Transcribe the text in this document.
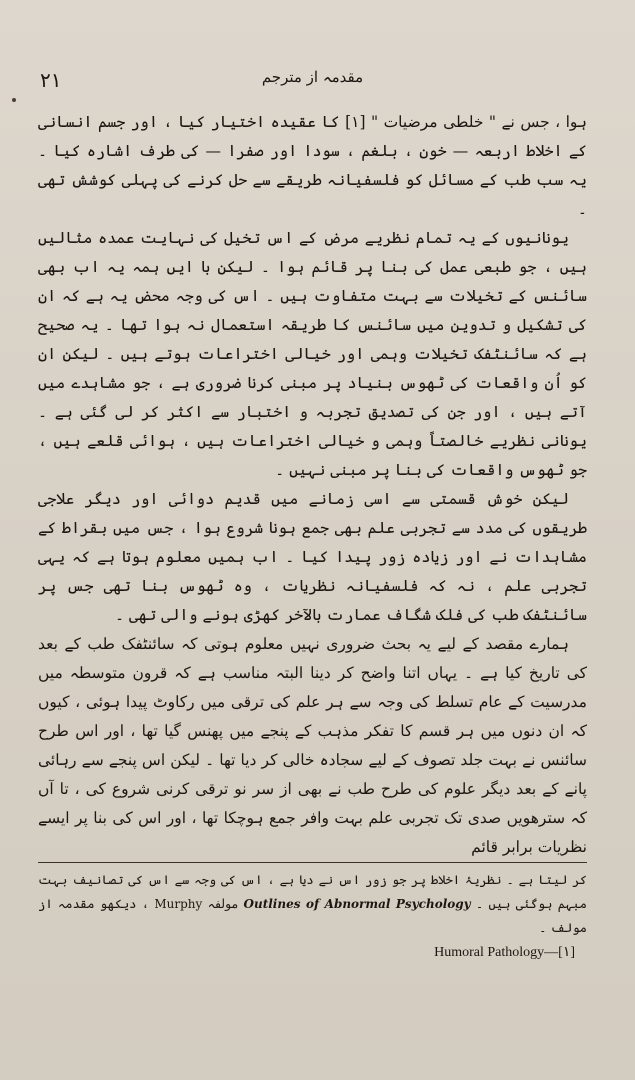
۲۱	مقدمہ از مترجم

ہوا ، جس نے " خلطی مرضیات " [۱] کا عقیدہ اختیار کیا ، اور جسم انسانی کے اخلاط اربعہ — خون ، بلغم ، سودا اور صفرا — کی طرف اشارہ کیا ۔ یہ سب طب کے مسائل کو فلسفیانہ طریقے سے حل کرنے کی پہلی کوشش تھی ۔

یونانیوں کے یہ تمام نظریے مرض کے اس تخیل کی نہایت عمدہ مثالیں ہیں ، جو طبعی عمل کی بنا پر قائم ہوا ۔ لیکن با ایں ہمہ یہ اب بھی سائنس کے تخیلات سے بہت متفاوت ہیں ۔ اس کی وجہ محض یہ ہے کہ ان کی تشکیل و تدوین میں سائنس کا طریقہ استعمال نہ ہوا تھا ۔ یہ صحیح ہے کہ سائنٹفک تخیلات وہمی اور خیالی اختراعات ہوتے ہیں ۔ لیکن ان کو اُن واقعات کی ٹھوس بنیاد پر مبنی کرنا ضروری ہے ، جو مشاہدے میں آتے ہیں ، اور جن کی تصدیق تجربہ و اختبار سے اکثر کر لی گئی ہے ۔ یونانی نظریے خالصتاً وہمی و خیالی اختراعات ہیں ، ہوائی قلعے ہیں ، جو ٹھوس واقعات کی بنا پر مبنی نہیں ۔

لیکن خوش قسمتی سے اسی زمانے میں قدیم دوائی اور دیگر علاجی طریقوں کی مدد سے تجربی علم بھی جمع ہونا شروع ہوا ، جس میں بقراط کے مشاہدات نے اور زیادہ زور پیدا کیا ۔ اب ہمیں معلوم ہوتا ہے کہ یہی تجربی علم ، نہ کہ فلسفیانہ نظریات ، وہ ٹھوس بنا تھی جس پر سائنٹفک طب کی فلک شگاف عمارت بالآخر کھڑی ہونے والی تھی ۔

ہمارے مقصد کے لیے یہ بحث ضروری نہیں معلوم ہوتی کہ سائنٹفک طب کے بعد کی تاریخ کیا ہے ۔ یہاں اتنا واضح کر دینا البتہ مناسب ہے کہ قرون متوسطہ میں مدرسیت کے عام تسلط کی وجہ سے ہر علم کی ترقی میں رکاوٹ پیدا ہوئی ، کیوں کہ ان دنوں میں ہر قسم کا تفکر مذہب کے پنجے میں پھنس گیا تھا ، اور اس طرح سائنس نے بہت جلد تصوف کے لیے سجادہ خالی کر دیا تھا ۔ لیکن اس پنجے سے رہائی پانے کے بعد دیگر علوم کی طرح طب نے بھی از سر نو ترقی کرنی شروع کی ، تا آں کہ سترھویں صدی تک تجربی علم بہت وافر جمع ہوچکا تھا ، اور اس کی بنا پر ایسے نظریات برابر قائم

کر لیتا ہے ۔ نظریۂ اخلاط پر جو زور اس نے دیا ہے ، اس کی وجہ سے اس کی تصانیف بہت مبہم ہوگئی ہیں ۔ Outlines of Abnormal Psychology مولفہ Murphy ، دیکھو مقدمہ از مولف ۔
Humoral Pathology—[۱]
